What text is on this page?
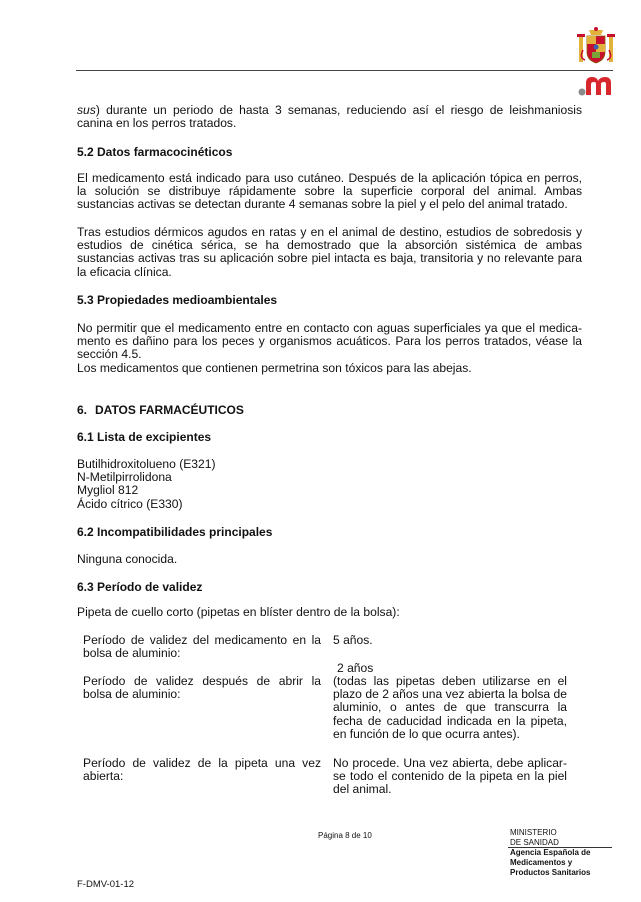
sus) durante un periodo de hasta 3 semanas, reduciendo así el riesgo de leishmaniosis canina en los perros tratados.

5.2 Datos farmacocinéticos

El medicamento está indicado para uso cutáneo. Después de la aplicación tópica en perros, la solución se distribuye rápidamente sobre la superficie corporal del animal. Ambas sustancias activas se detectan durante 4 semanas sobre la piel y el pelo del animal tratado.

Tras estudios dérmicos agudos en ratas y en el animal de destino, estudios de sobredosis y estudios de cinética sérica, se ha demostrado que la absorción sistémica de ambas sustancias activas tras su aplicación sobre piel intacta es baja, transitoria y no relevante para la eficacia clínica.

5.3 Propiedades medioambientales

No permitir que el medicamento entre en contacto con aguas superficiales ya que el medicamento es dañino para los peces y organismos acuáticos. Para los perros tratados, véase la sección 4.5.

Los medicamentos que contienen permetrina son tóxicos para las abejas.

6. DATOS FARMACÉUTICOS
6.1 Lista de excipientes
Butilhidroxitolueno (E321)
N-Metilpirrolidona
Mygliol 812
Ácido cítrico (E330)
6.2 Incompatibilidades principales

Ninguna conocida.

6.3 Período de validez

Pipeta de cuello corto (pipetas en blíster dentro de la bolsa):

Período de validez del medicamento en la bolsa de aluminio:

5 años.

2 años

Período de validez después de abrir la bolsa de aluminio:

(todas las pipetas deben utilizarse en el plazo de 2 años una vez abierta la bolsa de aluminio, o antes de que transcurra la fecha de caducidad indicada en la pipeta, en función de lo que ocurra antes).

Período de validez de la pipeta una vez abierta:

No procede. Una vez abierta, debe aplicarse todo el contenido de la pipeta en la piel del animal.

Página 8 de 10	MINISTERIO
DE SANIDAD
Agencia Española de
Medicamentos y
Productos Sanitarios
F-DMV-01-12
